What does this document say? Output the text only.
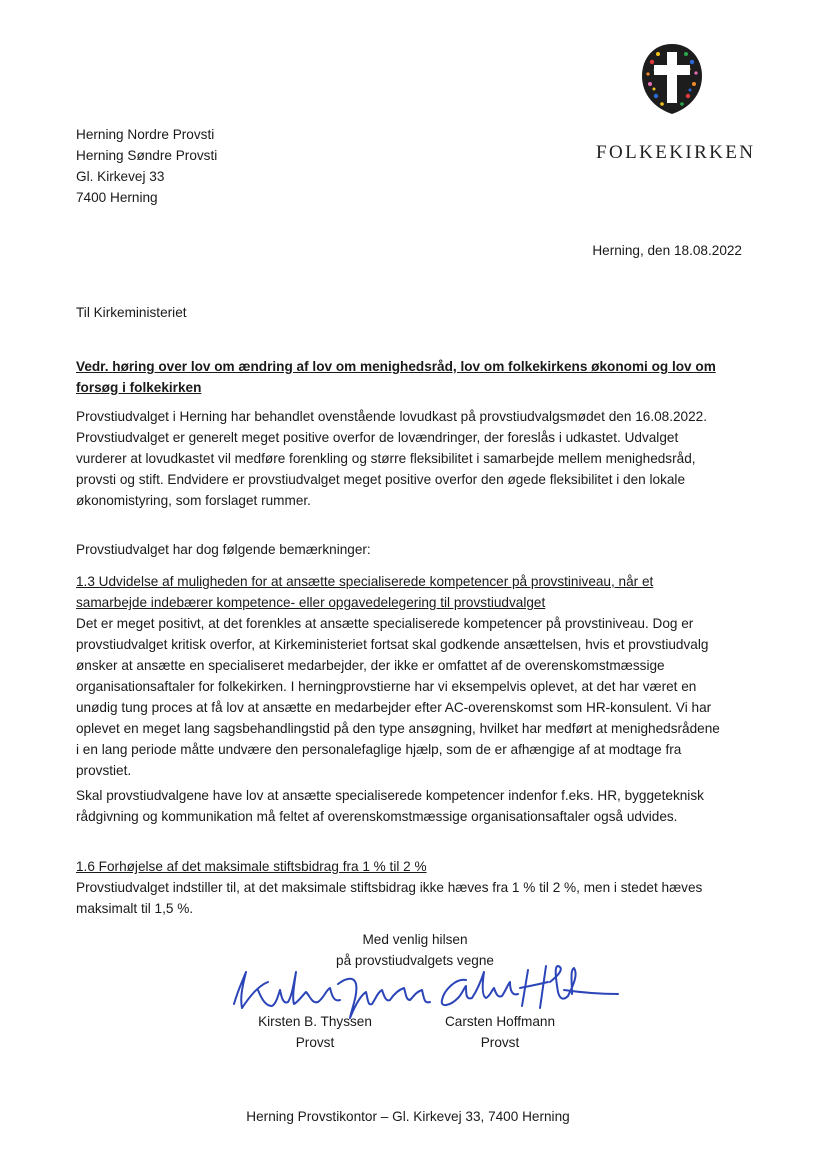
Herning Nordre Provsti
Herning Søndre Provsti
Gl. Kirkevej 33
7400 Herning
FOLKEKIRKEN
Herning, den 18.08.2022
Til Kirkeministeriet
Vedr. høring over lov om ændring af lov om menighedsråd, lov om folkekirkens økonomi og lov om
forsøg i folkekirken
Provstiudvalget i Herning har behandlet ovenstående lovudkast på provstiudvalgsmødet den 16.08.2022.
Provstiudvalget er generelt meget positive overfor de lovændringer, der foreslås i udkastet. Udvalget
vurderer at lovudkastet vil medføre forenkling og større fleksibilitet i samarbejde mellem menighedsråd,
provsti og stift. Endvidere er provstiudvalget meget positive overfor den øgede fleksibilitet i den lokale
økonomistyring, som forslaget rummer.
Provstiudvalget har dog følgende bemærkninger:
1.3 Udvidelse af muligheden for at ansætte specialiserede kompetencer på provstiniveau, når et
samarbejde indebærer kompetence- eller opgavedelegering til provstiudvalget
Det er meget positivt, at det forenkles at ansætte specialiserede kompetencer på provstiniveau. Dog er
provstiudvalget kritisk overfor, at Kirkeministeriet fortsat skal godkende ansættelsen, hvis et provstiudvalg
ønsker at ansætte en specialiseret medarbejder, der ikke er omfattet af de overenskomstmæssige
organisationsaftaler for folkekirken. I herningprovstierne har vi eksempelvis oplevet, at det har været en
unødig tung proces at få lov at ansætte en medarbejder efter AC-overenskomst som HR-konsulent. Vi har
oplevet en meget lang sagsbehandlingstid på den type ansøgning, hvilket har medført at menighedsrådene
i en lang periode måtte undvære den personalefaglige hjælp, som de er afhængige af at modtage fra
provstiet.
Skal provstiudvalgene have lov at ansætte specialiserede kompetencer indenfor f.eks. HR, byggeteknisk
rådgivning og kommunikation må feltet af overenskomstmæssige organisationsaftaler også udvides.
1.6 Forhøjelse af det maksimale stiftsbidrag fra 1 % til 2 %
Provstiudvalget indstiller til, at det maksimale stiftsbidrag ikke hæves fra 1 % til 2 %, men i stedet hæves
maksimalt til 1,5 %.
Med venlig hilsen
på provstiudvalgets vegne
Kirsten B. Thyssen
Provst
Carsten Hoffmann
Provst
Herning Provstikontor – Gl. Kirkevej 33, 7400 Herning
